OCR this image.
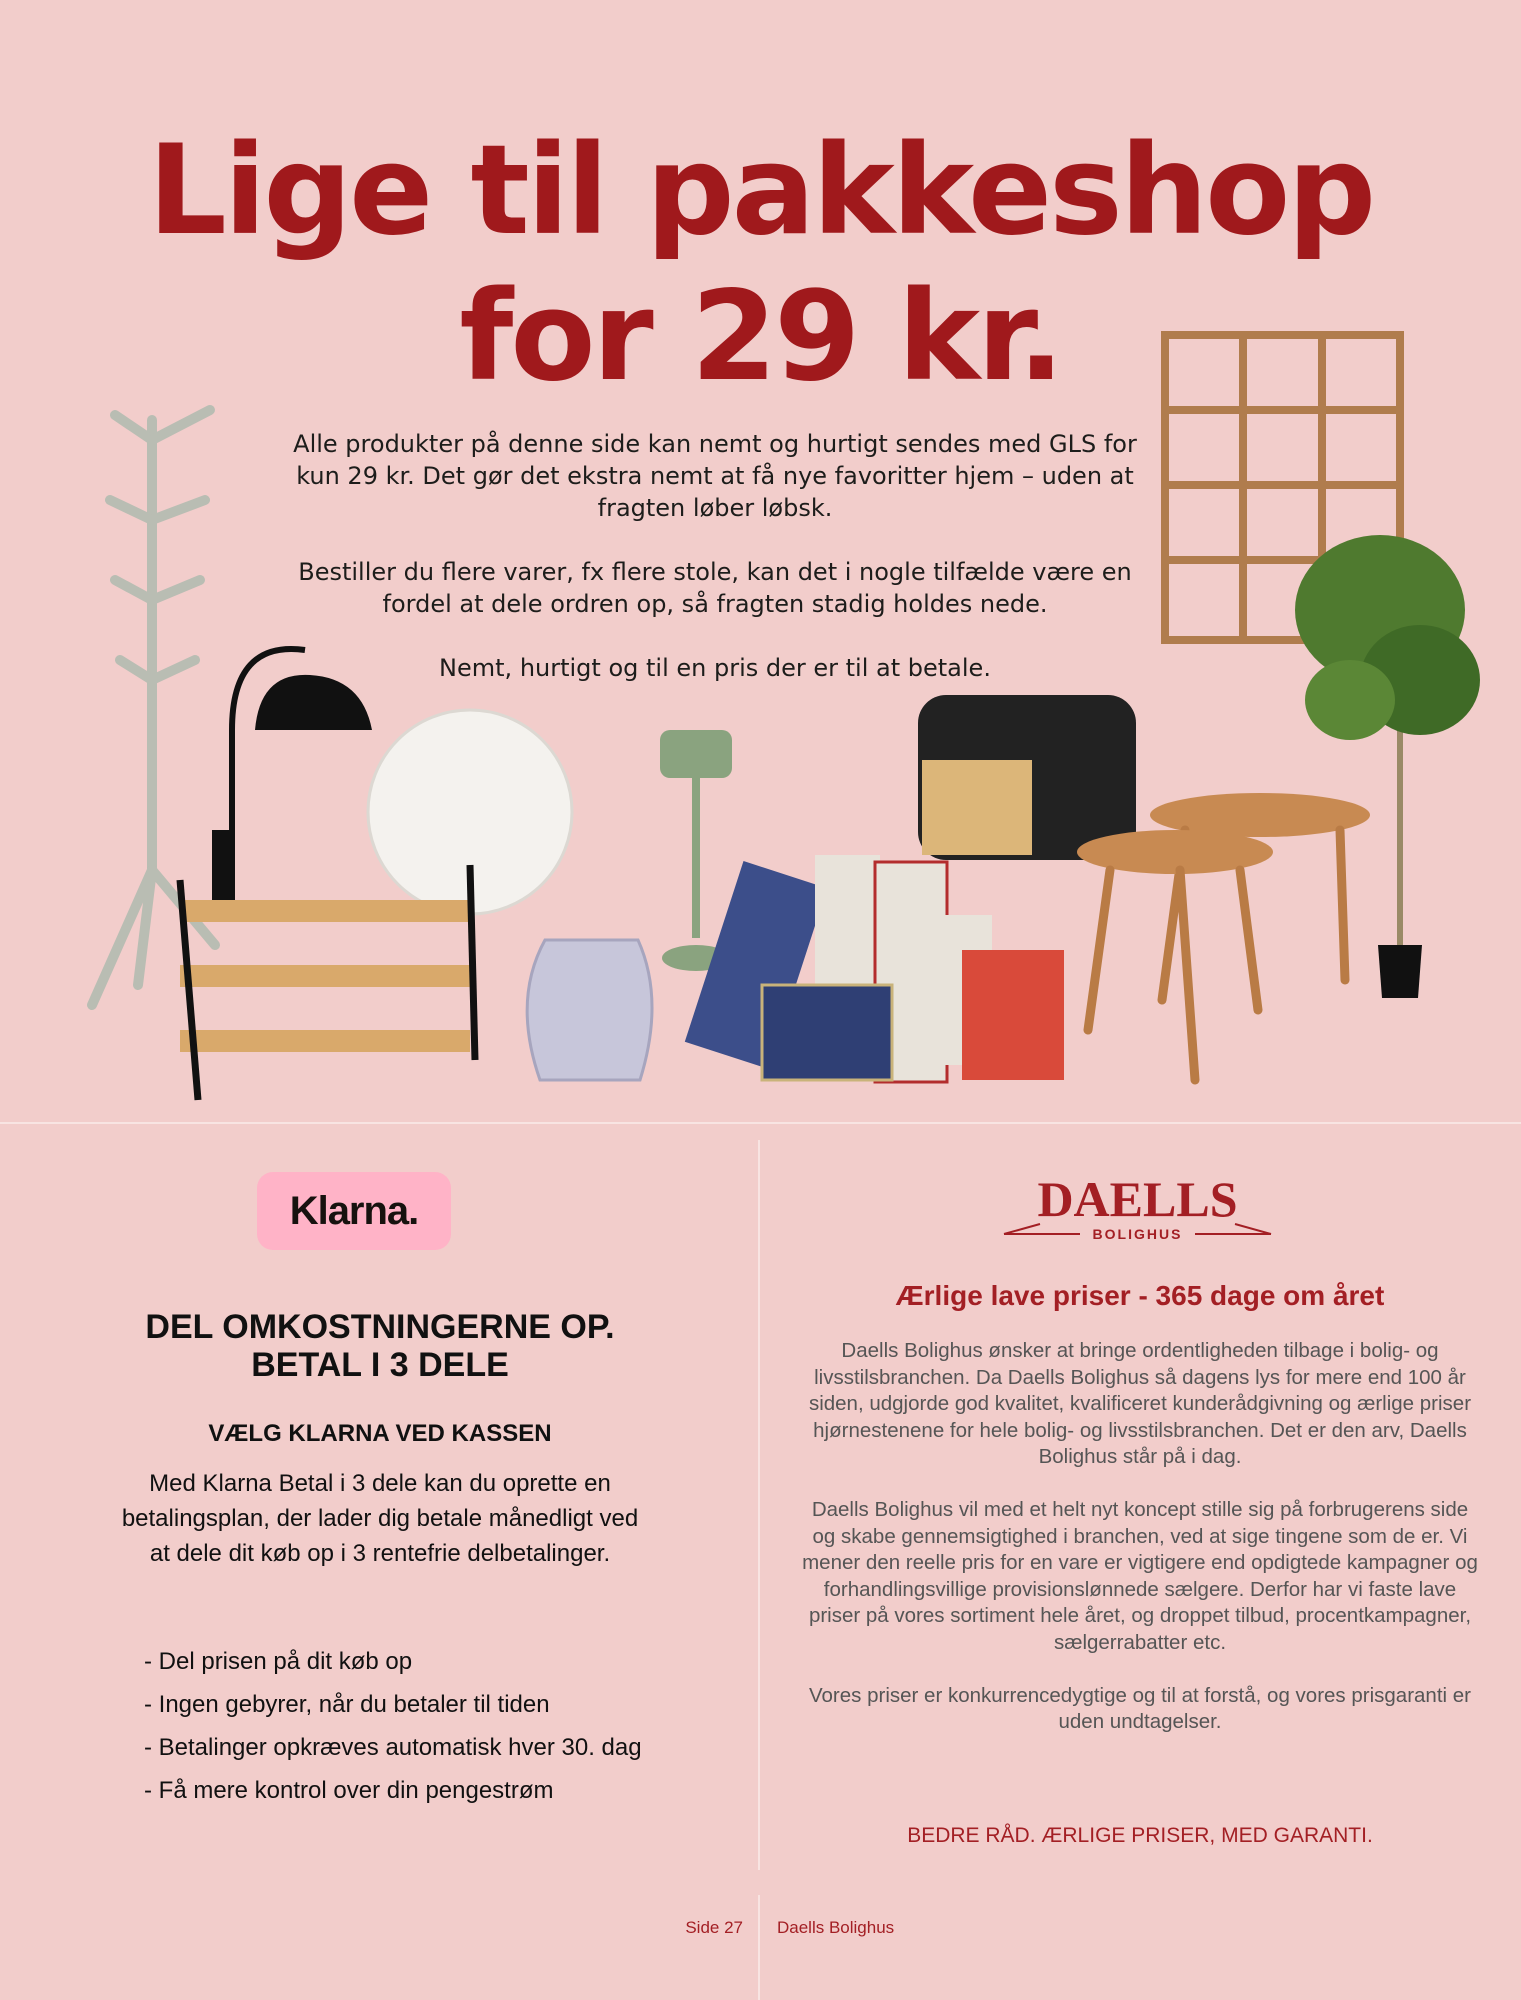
Lige til pakkeshop
for 29 kr.

Alle produkter på denne side kan nemt og hurtigt sendes med GLS for kun 29 kr. Det gør det ekstra nemt at få nye favoritter hjem – uden at fragten løber løbsk.

Bestiller du flere varer, fx flere stole, kan det i nogle tilfælde være en fordel at dele ordren op, så fragten stadig holdes nede.

Nemt, hurtigt og til en pris der er til at betale.

Klarna.
DEL OMKOSTNINGERNE OP.
BETAL I 3 DELE
VÆLG KLARNA VED KASSEN

Med Klarna Betal i 3 dele kan du oprette en betalingsplan, der lader dig betale månedligt ved at dele dit køb op i 3 rentefrie delbetalinger.

- Del prisen på dit køb op
- Ingen gebyrer, når du betaler til tiden
- Betalinger opkræves automatisk hver 30. dag
- Få mere kontrol over din pengestrøm
DAELLS
BOLIGHUS
Ærlige lave priser - 365 dage om året

Daells Bolighus ønsker at bringe ordentligheden tilbage i bolig- og livsstilsbranchen. Da Daells Bolighus så dagens lys for mere end 100 år siden, udgjorde god kvalitet, kvalificeret kunderådgivning og ærlige priser hjørnestenene for hele bolig- og livsstilsbranchen. Det er den arv, Daells Bolighus står på i dag.

Daells Bolighus vil med et helt nyt koncept stille sig på forbrugerens side og skabe gennemsigtighed i branchen, ved at sige tingene som de er. Vi mener den reelle pris for en vare er vigtigere end opdigtede kampagner og forhandlingsvillige provisionslønnede sælgere. Derfor har vi faste lave priser på vores sortiment hele året, og droppet tilbud, procentkampagner, sælgerrabatter etc.

Vores priser er konkurrencedygtige og til at forstå, og vores prisgaranti er uden undtagelser.

BEDRE RÅD. ÆRLIGE PRISER, MED GARANTI.
Side 27 Daells Bolighus
